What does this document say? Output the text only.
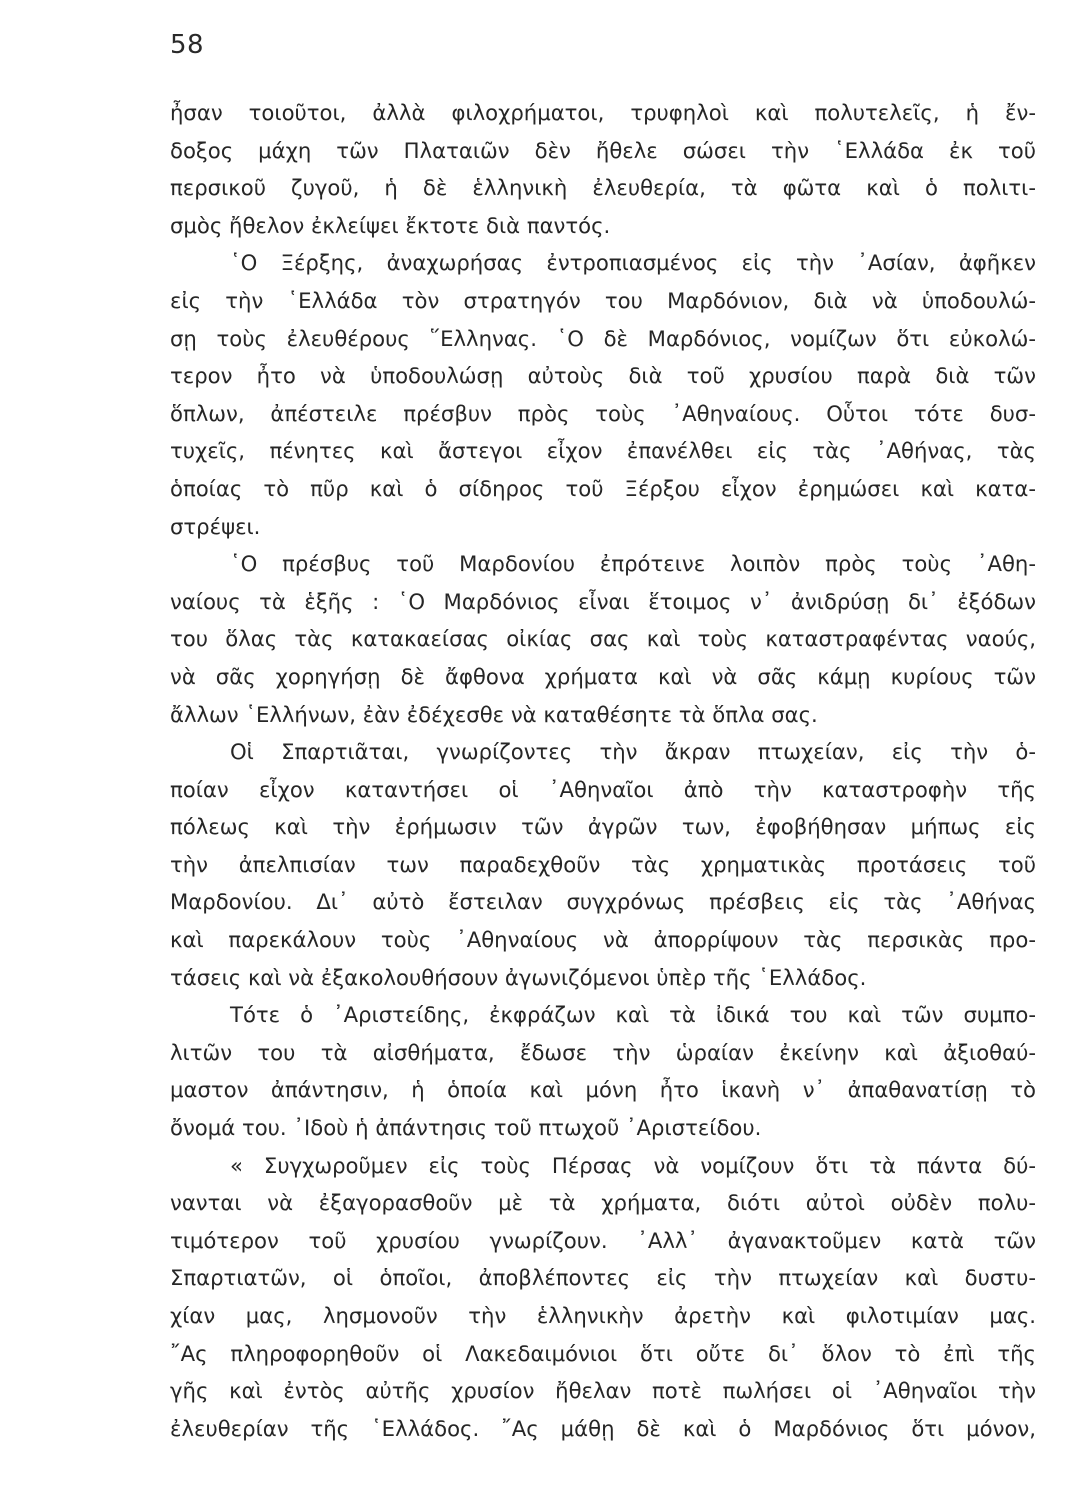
58
ἦσαν τοιοῦτοι, ἀλλὰ φιλοχρήματοι, τρυφηλοὶ καὶ πολυτελεῖς, ἡ ἔν-
δοξος μάχη τῶν Πλαταιῶν δὲν ἤθελε σώσει τὴν ῾Ελλάδα ἐκ τοῦ
περσικοῦ ζυγοῦ, ἡ δὲ ἑλληνικὴ ἐλευθερία, τὰ φῶτα καὶ ὁ πολιτι-
σμὸς ἤθελον ἐκλείψει ἔκτοτε διὰ παντός.
῾Ο Ξέρξης, ἀναχωρήσας ἐντροπιασμένος εἰς τὴν ᾿Ασίαν, ἀφῆκεν
εἰς τὴν ῾Ελλάδα τὸν στρατηγόν του Μαρδόνιον, διὰ νὰ ὑποδουλώ-
σῃ τοὺς ἐλευθέρους ῞Ελληνας. ῾Ο δὲ Μαρδόνιος, νομίζων ὅτι εὐκολώ-
τερον ἦτο νὰ ὑποδουλώσῃ αὐτοὺς διὰ τοῦ χρυσίου παρὰ διὰ τῶν
ὅπλων, ἀπέστειλε πρέσβυν πρὸς τοὺς ᾿Αθηναίους. Οὗτοι τότε δυσ-
τυχεῖς, πένητες καὶ ἄστεγοι εἶχον ἐπανέλθει εἰς τὰς ᾿Αθήνας, τὰς
ὁποίας τὸ πῦρ καὶ ὁ σίδηρος τοῦ Ξέρξου εἶχον ἐρημώσει καὶ κατα-
στρέψει.
῾Ο πρέσβυς τοῦ Μαρδονίου ἐπρότεινε λοιπὸν πρὸς τοὺς ᾿Αθη-
ναίους τὰ ἑξῆς : ῾Ο Μαρδόνιος εἶναι ἕτοιμος ν᾿ ἀνιδρύσῃ δι᾿ ἐξόδων
του ὅλας τὰς κατακαείσας οἰκίας σας καὶ τοὺς καταστραφέντας ναούς,
νὰ σᾶς χορηγήσῃ δὲ ἄφθονα χρήματα καὶ νὰ σᾶς κάμῃ κυρίους τῶν
ἄλλων ῾Ελλήνων, ἐὰν ἐδέχεσθε νὰ καταθέσητε τὰ ὅπλα σας.
Οἱ Σπαρτιᾶται, γνωρίζοντες τὴν ἄκραν πτωχείαν, εἰς τὴν ὁ-
ποίαν εἶχον καταντήσει οἱ ᾿Αθηναῖοι ἀπὸ τὴν καταστροφὴν τῆς
πόλεως καὶ τὴν ἐρήμωσιν τῶν ἀγρῶν των, ἐφοβήθησαν μήπως εἰς
τὴν ἀπελπισίαν των παραδεχθοῦν τὰς χρηματικὰς προτάσεις τοῦ
Μαρδονίου. Δι᾿ αὐτὸ ἔστειλαν συγχρόνως πρέσβεις εἰς τὰς ᾿Αθήνας
καὶ παρεκάλουν τοὺς ᾿Αθηναίους νὰ ἀπορρίψουν τὰς περσικὰς προ-
τάσεις καὶ νὰ ἐξακολουθήσουν ἀγωνιζόμενοι ὑπὲρ τῆς ῾Ελλάδος.
Τότε ὁ ᾿Αριστείδης, ἐκφράζων καὶ τὰ ἰδικά του καὶ τῶν συμπο-
λιτῶν του τὰ αἰσθήματα, ἔδωσε τὴν ὡραίαν ἐκείνην καὶ ἀξιοθαύ-
μαστον ἀπάντησιν, ἡ ὁποία καὶ μόνη ἦτο ἱκανὴ ν᾿ ἀπαθανατίσῃ τὸ
ὄνομά του. ᾿Ιδοὺ ἡ ἀπάντησις τοῦ πτωχοῦ ᾿Αριστείδου.
« Συγχωροῦμεν εἰς τοὺς Πέρσας νὰ νομίζουν ὅτι τὰ πάντα δύ-
νανται νὰ ἐξαγορασθοῦν μὲ τὰ χρήματα, διότι αὐτοὶ οὐδὲν πολυ-
τιμότερον τοῦ χρυσίου γνωρίζουν. ᾿Αλλ᾿ ἀγανακτοῦμεν κατὰ τῶν
Σπαρτιατῶν, οἱ ὁποῖοι, ἀποβλέποντες εἰς τὴν πτωχείαν καὶ δυστυ-
χίαν μας, λησμονοῦν τὴν ἑλληνικὴν ἀρετὴν καὶ φιλοτιμίαν μας.
῎Ας πληροφορηθοῦν οἱ Λακεδαιμόνιοι ὅτι οὔτε δι᾿ ὅλον τὸ ἐπὶ τῆς
γῆς καὶ ἐντὸς αὐτῆς χρυσίον ἤθελαν ποτὲ πωλήσει οἱ ᾿Αθηναῖοι τὴν
ἐλευθερίαν τῆς ῾Ελλάδος. ῎Ας μάθῃ δὲ καὶ ὁ Μαρδόνιος ὅτι μόνον,
